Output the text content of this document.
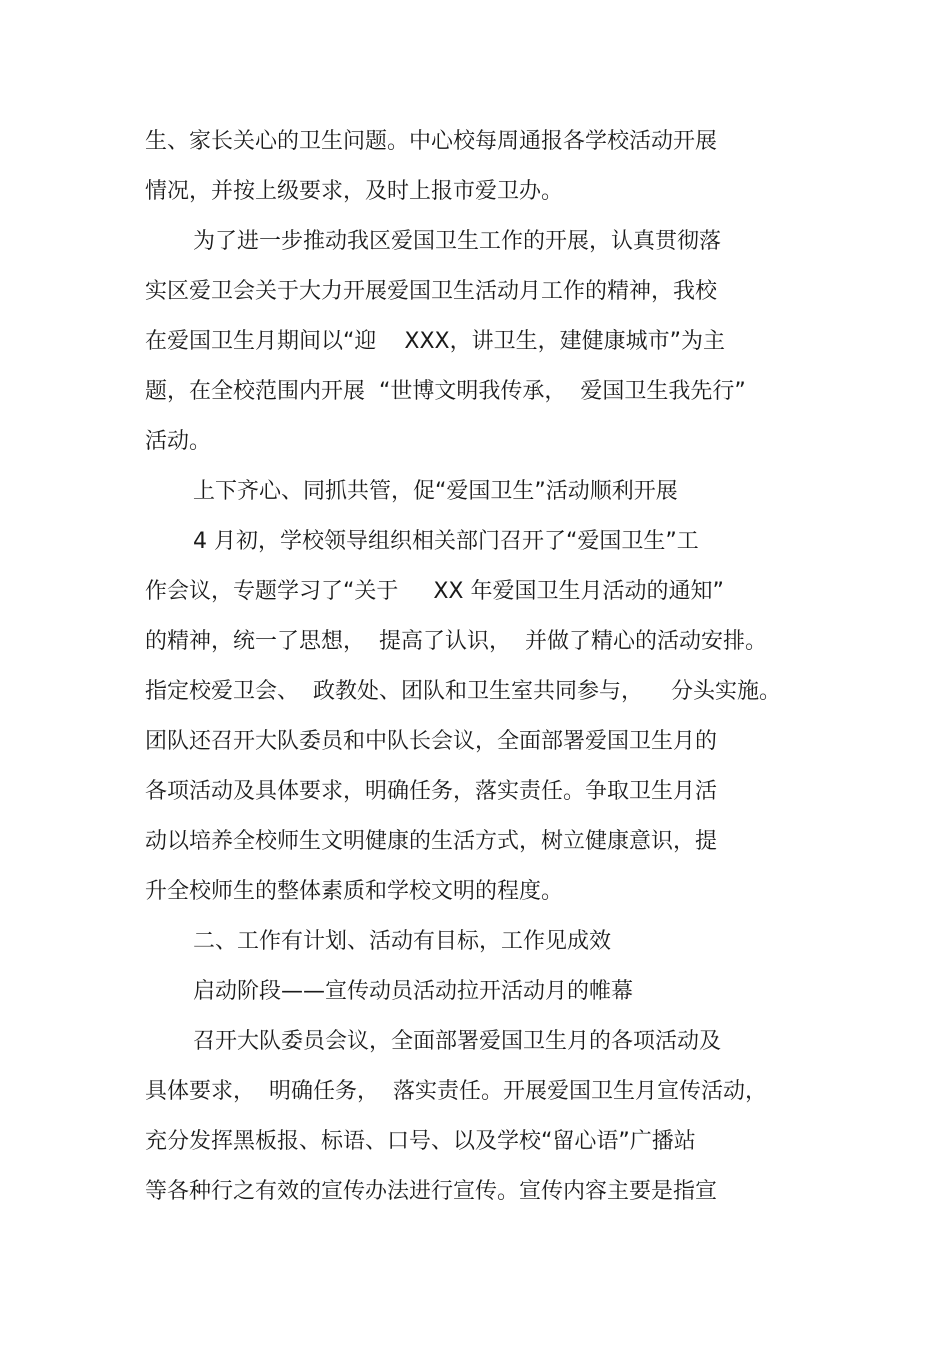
生、家长关心的卫生问题。中心校每周通报各学校活动开展

情况，并按上级要求，及时上报市爱卫办。

为了进一步推动我区爱国卫生工作的开展，认真贯彻落

实区爱卫会关于大力开展爱国卫生活动月工作的精神，我校

在爱国卫生月期间以“迎    XXX，讲卫生，建健康城市”为主

题，在全校范围内开展  “世博文明我传承，  爱国卫生我先行”

活动。

上下齐心、同抓共管，促“爱国卫生”活动顺利开展

4 月初，学校领导组织相关部门召开了“爱国卫生”工

作会议，专题学习了“关于     XX 年爱国卫生月活动的通知”

的精神，统一了思想，  提高了认识，  并做了精心的活动安排。

指定校爱卫会、  政教处、团队和卫生室共同参与，    分头实施。

团队还召开大队委员和中队长会议，全面部署爱国卫生月的

各项活动及具体要求，明确任务，落实责任。争取卫生月活

动以培养全校师生文明健康的生活方式，树立健康意识，提

升全校师生的整体素质和学校文明的程度。

二、工作有计划、活动有目标，工作见成效

启动阶段——宣传动员活动拉开活动月的帷幕

召开大队委员会议，全面部署爱国卫生月的各项活动及

具体要求，  明确任务，  落实责任。开展爱国卫生月宣传活动，

充分发挥黑板报、标语、口号、以及学校“留心语”广播站

等各种行之有效的宣传办法进行宣传。宣传内容主要是指宣
